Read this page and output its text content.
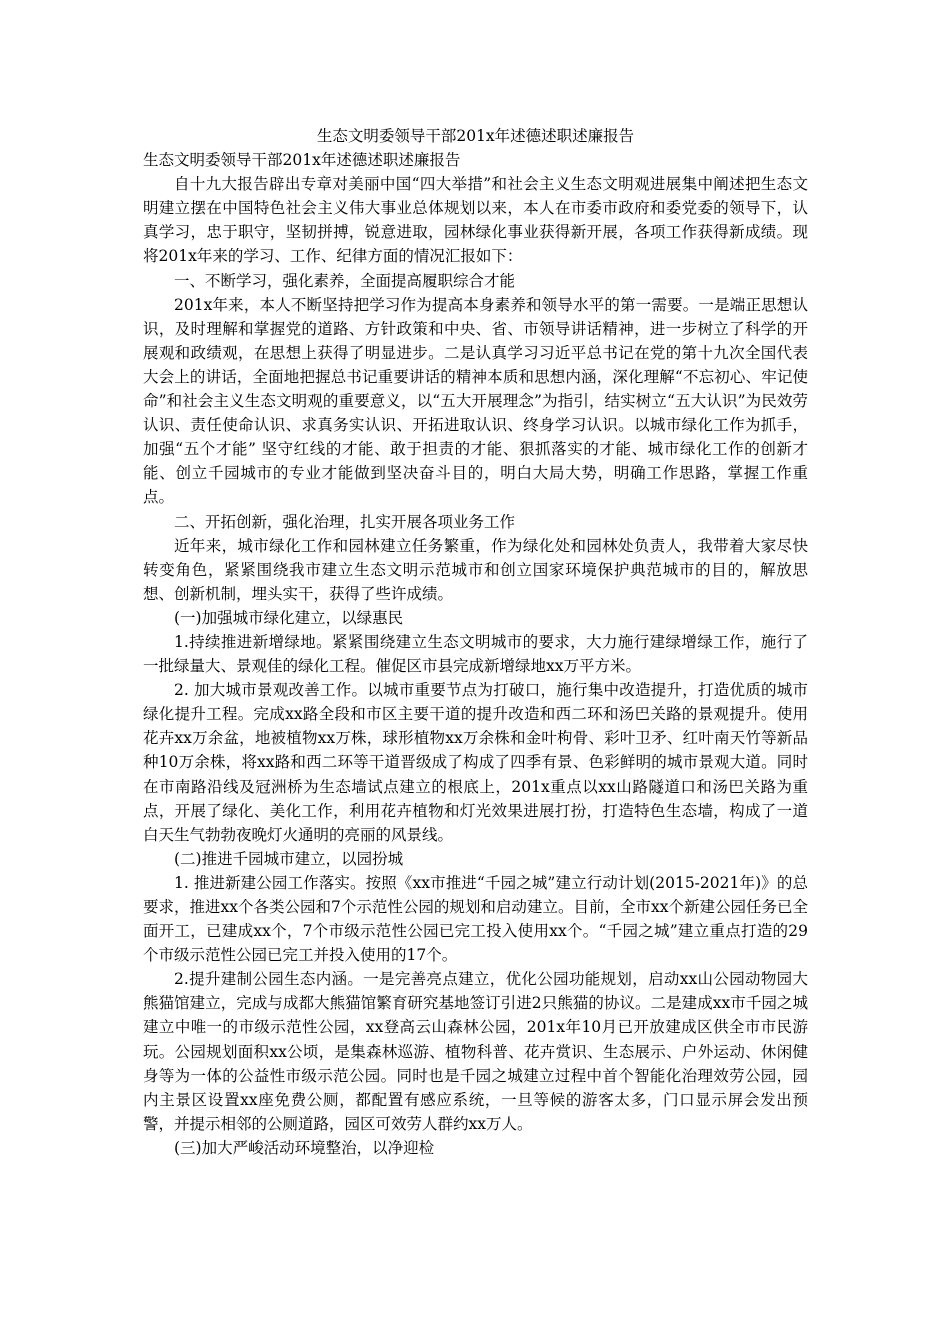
生态文明委领导干部201x年述德述职述廉报告

生态文明委领导干部201x年述德述职述廉报告

自十九大报告辟出专章对美丽中国“四大举措”和社会主义生态文明观进展集中阐述把生态文明建立摆在中国特色社会主义伟大事业总体规划以来，本人在市委市政府和委党委的领导下，认真学习，忠于职守，坚韧拼搏，锐意进取，园林绿化事业获得新开展，各项工作获得新成绩。现将201x年来的学习、工作、纪律方面的情况汇报如下：

一、不断学习，强化素养，全面提高履职综合才能

201x年来，本人不断坚持把学习作为提高本身素养和领导水平的第一需要。一是端正思想认识，及时理解和掌握党的道路、方针政策和中央、省、市领导讲话精神，进一步树立了科学的开展观和政绩观，在思想上获得了明显进步。二是认真学习习近平总书记在党的第十九次全国代表大会上的讲话，全面地把握总书记重要讲话的精神本质和思想内涵，深化理解“不忘初心、牢记使命”和社会主义生态文明观的重要意义，以“五大开展理念”为指引，结实树立“五大认识”为民效劳认识、责任使命认识、求真务实认识、开拓进取认识、终身学习认识。以城市绿化工作为抓手，加强“五个才能” 坚守红线的才能、敢于担责的才能、狠抓落实的才能、城市绿化工作的创新才能、创立千园城市的专业才能做到坚决奋斗目的，明白大局大势，明确工作思路，掌握工作重点。

二、开拓创新，强化治理，扎实开展各项业务工作

近年来，城市绿化工作和园林建立任务繁重，作为绿化处和园林处负责人，我带着大家尽快转变角色，紧紧围绕我市建立生态文明示范城市和创立国家环境保护典范城市的目的，解放思想、创新机制，埋头实干，获得了些许成绩。

(一)加强城市绿化建立，以绿惠民

1.持续推进新增绿地。紧紧围绕建立生态文明城市的要求，大力施行建绿增绿工作，施行了一批绿量大、景观佳的绿化工程。催促区市县完成新增绿地xx万平方米。

2. 加大城市景观改善工作。以城市重要节点为打破口，施行集中改造提升，打造优质的城市绿化提升工程。完成xx路全段和市区主要干道的提升改造和西二环和汤巴关路的景观提升。使用花卉xx万余盆，地被植物xx万株，球形植物xx万余株和金叶枸骨、彩叶卫矛、红叶南天竹等新品种10万余株，将xx路和西二环等干道晋级成了构成了四季有景、色彩鲜明的城市景观大道。同时在市南路沿线及冠洲桥为生态墙试点建立的根底上，201x重点以xx山路隧道口和汤巴关路为重点，开展了绿化、美化工作，利用花卉植物和灯光效果进展打扮，打造特色生态墙，构成了一道白天生气勃勃夜晚灯火通明的亮丽的风景线。

(二)推进千园城市建立，以园扮城

1. 推进新建公园工作落实。按照《xx市推进“千园之城”建立行动计划(2015-2021年)》的总要求，推进xx个各类公园和7个示范性公园的规划和启动建立。目前，全市xx个新建公园任务已全面开工，已建成xx个，7个市级示范性公园已完工投入使用xx个。“千园之城”建立重点打造的29个市级示范性公园已完工并投入使用的17个。

2.提升建制公园生态内涵。一是完善亮点建立，优化公园功能规划，启动xx山公园动物园大熊猫馆建立，完成与成都大熊猫馆繁育研究基地签订引进2只熊猫的协议。二是建成xx市千园之城建立中唯一的市级示范性公园，xx登高云山森林公园，201x年10月已开放建成区供全市市民游玩。公园规划面积xx公顷，是集森林巡游、植物科普、花卉赏识、生态展示、户外运动、休闲健身等为一体的公益性市级示范公园。同时也是千园之城建立过程中首个智能化治理效劳公园，园内主景区设置xx座免费公厕，都配置有感应系统，一旦等候的游客太多，门口显示屏会发出预警，并提示相邻的公厕道路，园区可效劳人群约xx万人。

(三)加大严峻活动环境整治，以净迎检
